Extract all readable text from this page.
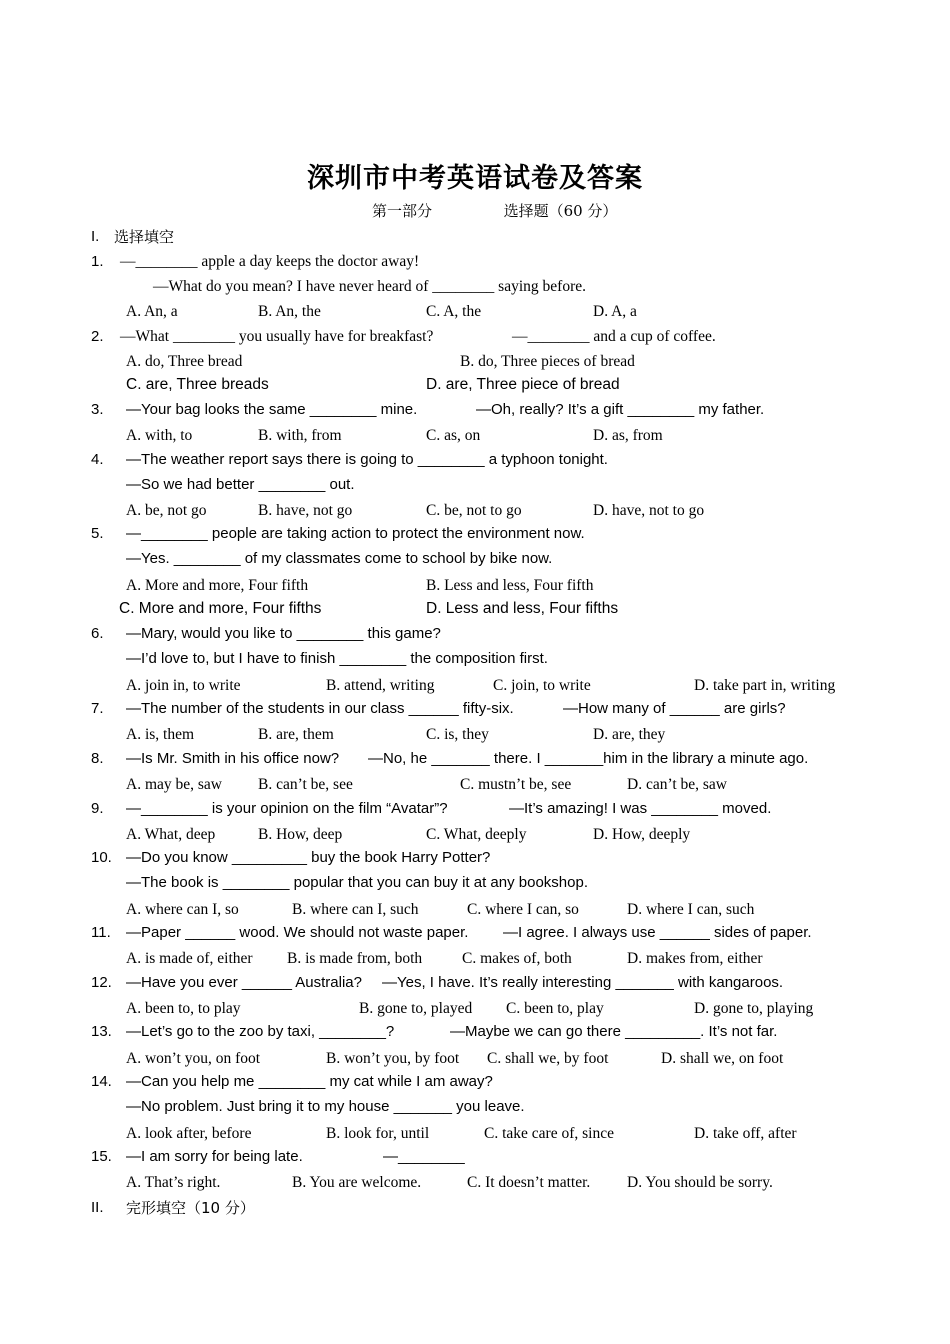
深圳市中考英语试卷及答案
第一部分	选择题（60 分）
I. 选择填空
1. —________ apple a day keeps the doctor away!
—What do you mean? I have never heard of ________ saying before.
A. An, a	B. An, the	C. A, the	D. A, a
2. —What ________ you usually have for breakfast?	—________ and a cup of coffee.
A. do, Three bread	B. do, Three pieces of bread
C. are, Three breads	D. are, Three piece of bread
3. —Your bag looks the same ________ mine.	—Oh, really? It’s a gift ________ my father.
A. with, to	B. with, from	C. as, on	D. as, from
4. —The weather report says there is going to ________ a typhoon tonight.
—So we had better ________ out.
A. be, not go	B. have, not go	C. be, not to go	D. have, not to go
5. —________ people are taking action to protect the environment now.
—Yes. ________ of my classmates come to school by bike now.
A. More and more, Four fifth	B. Less and less, Four fifth
C. More and more, Four fifths	D. Less and less, Four fifths
6. —Mary, would you like to ________ this game?
—I’d love to, but I have to finish ________ the composition first.
A. join in, to write	B. attend, writing	C. join, to write	D. take part in, writing
7. —The number of the students in our class ______ fifty-six.	—How many of ______ are girls?
A. is, them	B. are, them	C. is, they	D. are, they
8. —Is Mr. Smith in his office now? —No, he _______ there. I _______him in the library a minute ago.
A. may be, saw B. can’t be, see	C. mustn’t be, see	D. can’t be, saw
9. —________ is your opinion on the film “Avatar”?	—It’s amazing! I was ________ moved.
A. What, deep	B. How, deep	C. What, deeply	D. How, deeply
10. —Do you know _________ buy the book Harry Potter?
—The book is ________ popular that you can buy it at any bookshop.
A. where can I, so	B. where can I, such	C. where I can, so	D. where I can, such
11. —Paper ______ wood. We should not waste paper. —I agree. I always use ______ sides of paper.
A. is made of, either B. is made from, both	C. makes of, both	D. makes from, either
12. —Have you ever ______ Australia? —Yes, I have. It’s really interesting _______ with kangaroos.
A. been to, to play	B. gone to, played C. been to, play	D. gone to, playing
13. —Let’s go to the zoo by taxi, ________?	—Maybe we can go there _________. It’s not far.
A. won’t you, on foot	B. won’t you, by foot C. shall we, by foot	D. shall we, on foot
14. —Can you help me ________ my cat while I am away?
—No problem. Just bring it to my house _______ you leave.
A. look after, before	B. look for, until	C. take care of, since	D. take off, after
15. —I am sorry for being late.	—________
A. That’s right.	B. You are welcome.	C. It doesn’t matter. D. You should be sorry.
II. 完形填空（10 分）
